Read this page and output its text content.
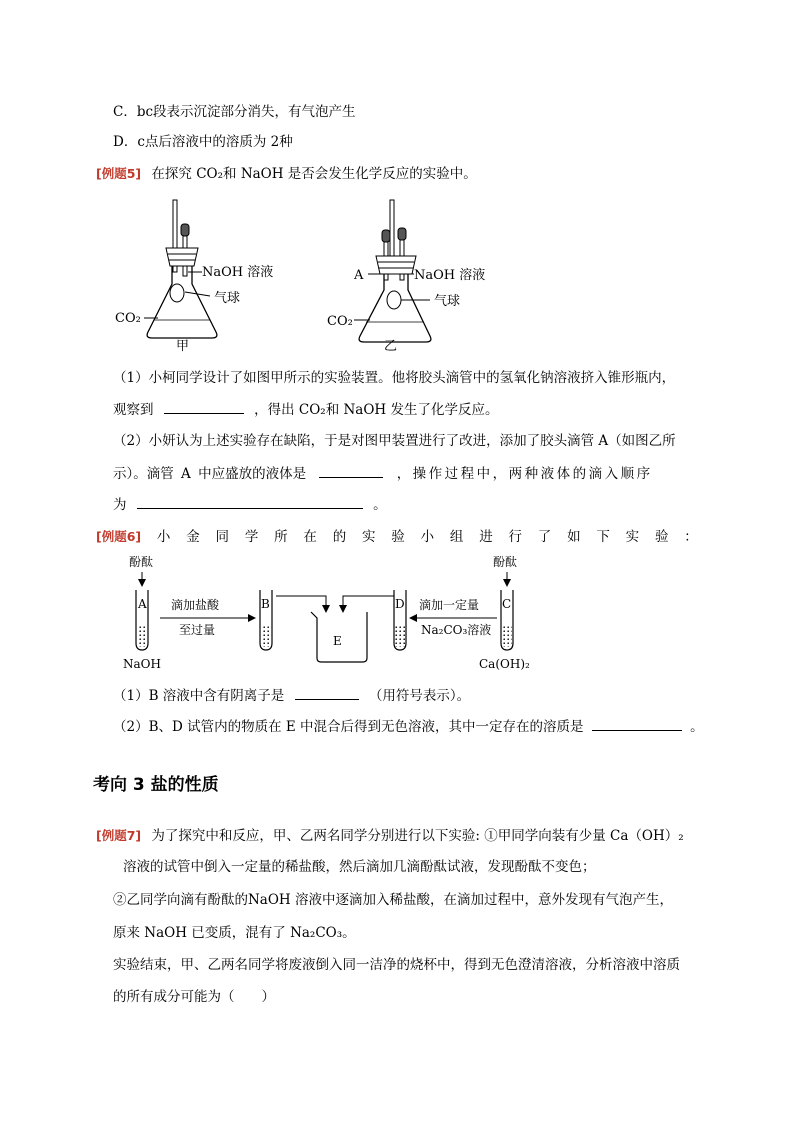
C．bc段表示沉淀部分消失，有气泡产生
D．c点后溶液中的溶质为 2种
[例题5] 在探究 CO₂和 NaOH 是否会发生化学反应的实验中。
NaOH 溶液
气球
CO₂
甲
A	NaOH 溶液
气球
CO₂
乙
（1）小柯同学设计了如图甲所示的实验装置。他将胶头滴管中的氢氧化钠溶液挤入锥形瓶内，
观察到	，得出 CO₂和 NaOH 发生了化学反应。
（2）小妍认为上述实验存在缺陷，于是对图甲装置进行了改进，添加了胶头滴管 A（如图乙所
示）。滴管 A 中应盛放的液体是	，操作过程中，两种液体的滴入顺序
为	。
[例题6] 小 金 同 学 所 在 的 实 验 小 组 进 行 了 如 下 实 验 ：
酚酞
A
NaOH
滴加盐酸
至过量
B
E
D 滴加一定量
Na₂CO₃溶液
酚酞
C
Ca(OH)₂
（1）B 溶液中含有阴离子是	（用符号表示）。
（2）B、D 试管内的物质在 E 中混合后得到无色溶液，其中一定存在的溶质是	。
考向 3 盐的性质
[例题7] 为了探究中和反应，甲、乙两名同学分别进行以下实验: ①甲同学向装有少量 Ca（OH）₂
溶液的试管中倒入一定量的稀盐酸，然后滴加几滴酚酞试液，发现酚酞不变色；
②乙同学向滴有酚酞的NaOH 溶液中逐滴加入稀盐酸，在滴加过程中，意外发现有气泡产生，
原来 NaOH 已变质，混有了 Na₂CO₃。
实验结束，甲、乙两名同学将废液倒入同一洁净的烧杯中，得到无色澄清溶液，分析溶液中溶质
的所有成分可能为（　　）
